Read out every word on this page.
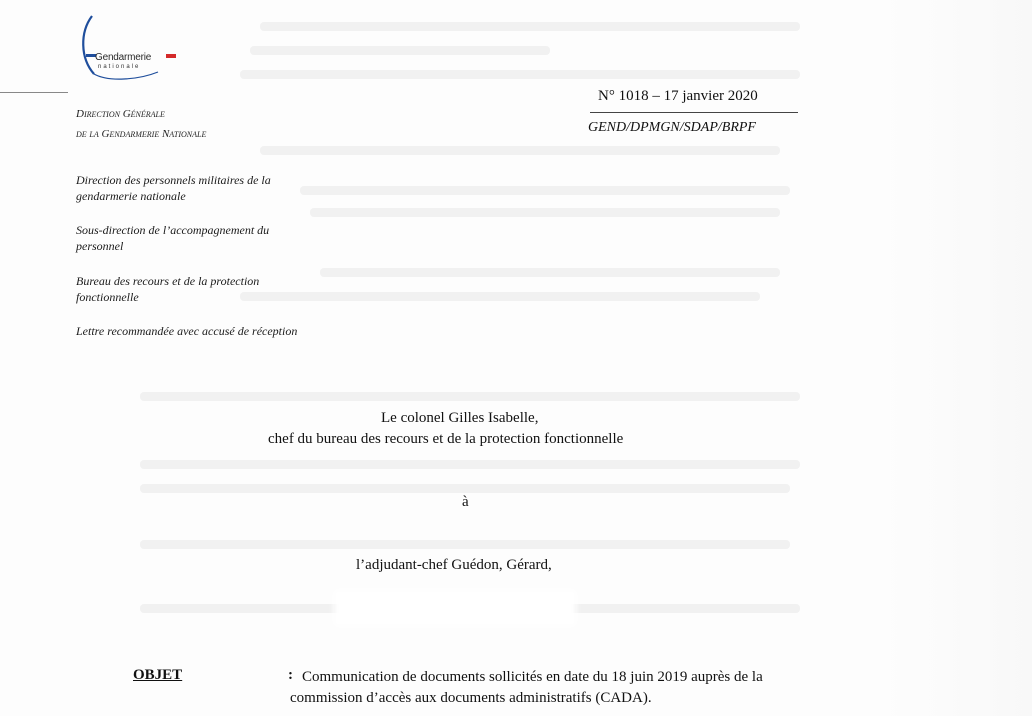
Gendarmerie
nationale
Direction Générale
de la Gendarmerie Nationale
Direction des personnels militaires de la gendarmerie nationale
Sous-direction de l’accompagnement du personnel
Bureau des recours et de la protection fonctionnelle
Lettre recommandée avec accusé de réception
N° 1018 – 17 janvier 2020
GEND/DPMGN/SDAP/BRPF
Le colonel Gilles Isabelle,
chef du bureau des recours et de la protection fonctionnelle
à
l’adjudant-chef Guédon, Gérard,
OBJET	: Communication de documents sollicités en date du 18 juin 2019 auprès de la commission d’accès aux documents administratifs (CADA).
